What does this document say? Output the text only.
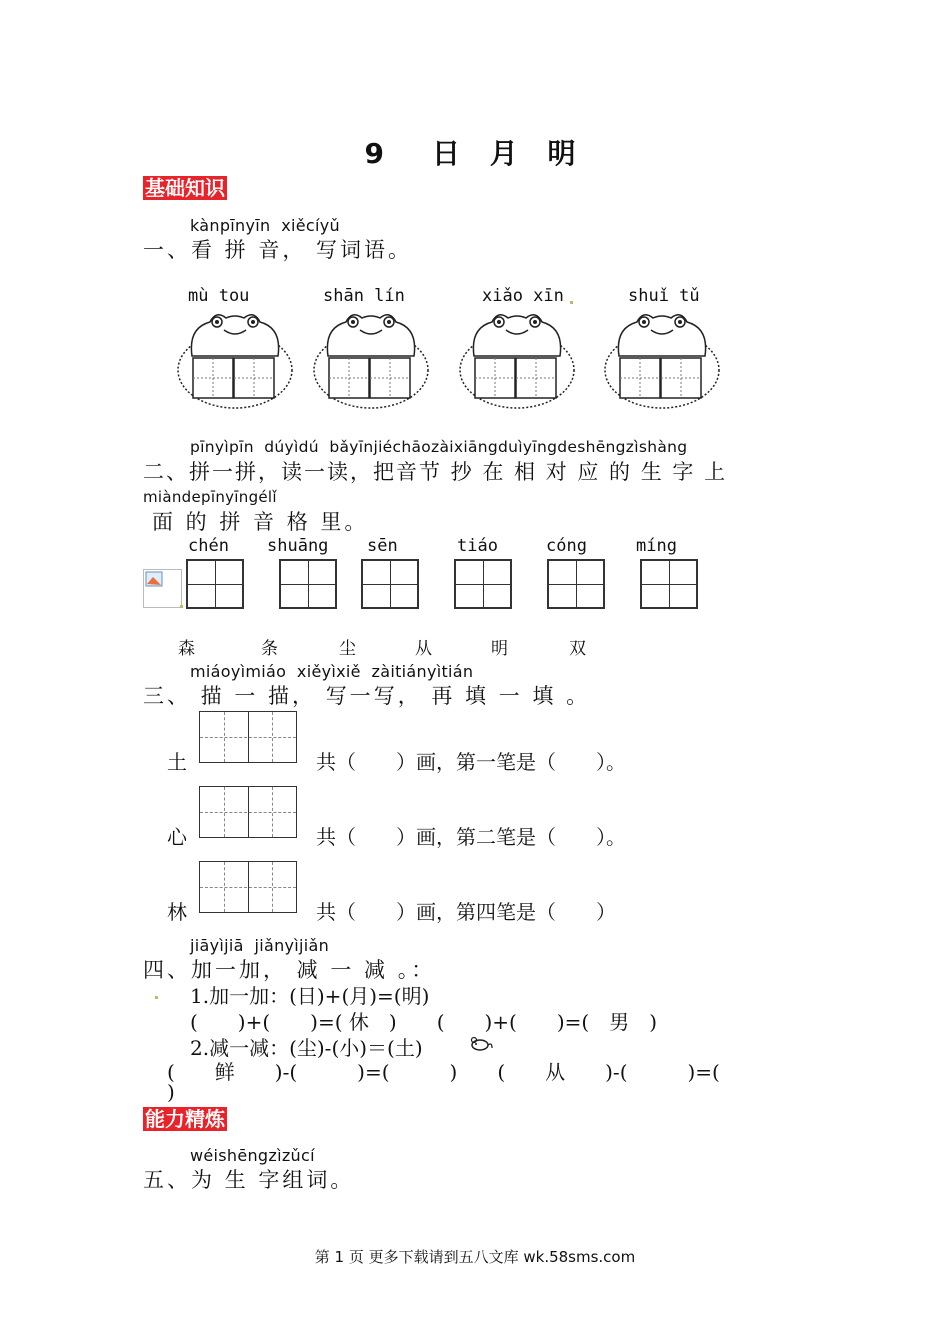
9　日 月 明
基础知识
kànpīnyīn  xiěcíyǔ
一、看 拼 音， 写词语。
mù tou	shān lín	xiǎo xīn	shuǐ tǔ
pīnyìpīn  dúyìdú  bǎyīnjiéchāozàixiāngduìyīngdeshēngzìshàng
二、拼一拼，读一读，把音节 抄 在 相 对 应 的 生 字 上
miàndepīnyīngélǐ
面 的 拼 音 格 里。
chén shuāng sēn	tiáo	cóng	míng
森	条	尘	从	明	双
miáoyìmiáo  xiěyìxiě  zàitiányìtián
三、 描 一 描， 写一写， 再 填 一 填 。
土	共（　　）画，第一笔是（　　）。
心	共（　　）画，第二笔是（　　）。
林	共（　　）画，第四笔是（　　）
jiāyìjiā  jiǎnyìjiǎn
四、加一加， 减 一 减 。：
1.加一加：(日)+(月)=(明)
(　　)+(　　)=( 休　)　　(　　)+(　　)=(　男　)
2.减一减：(尘)-(小)＝(土)
(　　鲜　　)-(　　　)=(　　　)　　(　　从　　)-(　　　)=(
)
能力精炼
wéishēngzìzǔcí
五、为 生 字组词。
第 1 页 更多下载请到五八文库 wk.58sms.com
